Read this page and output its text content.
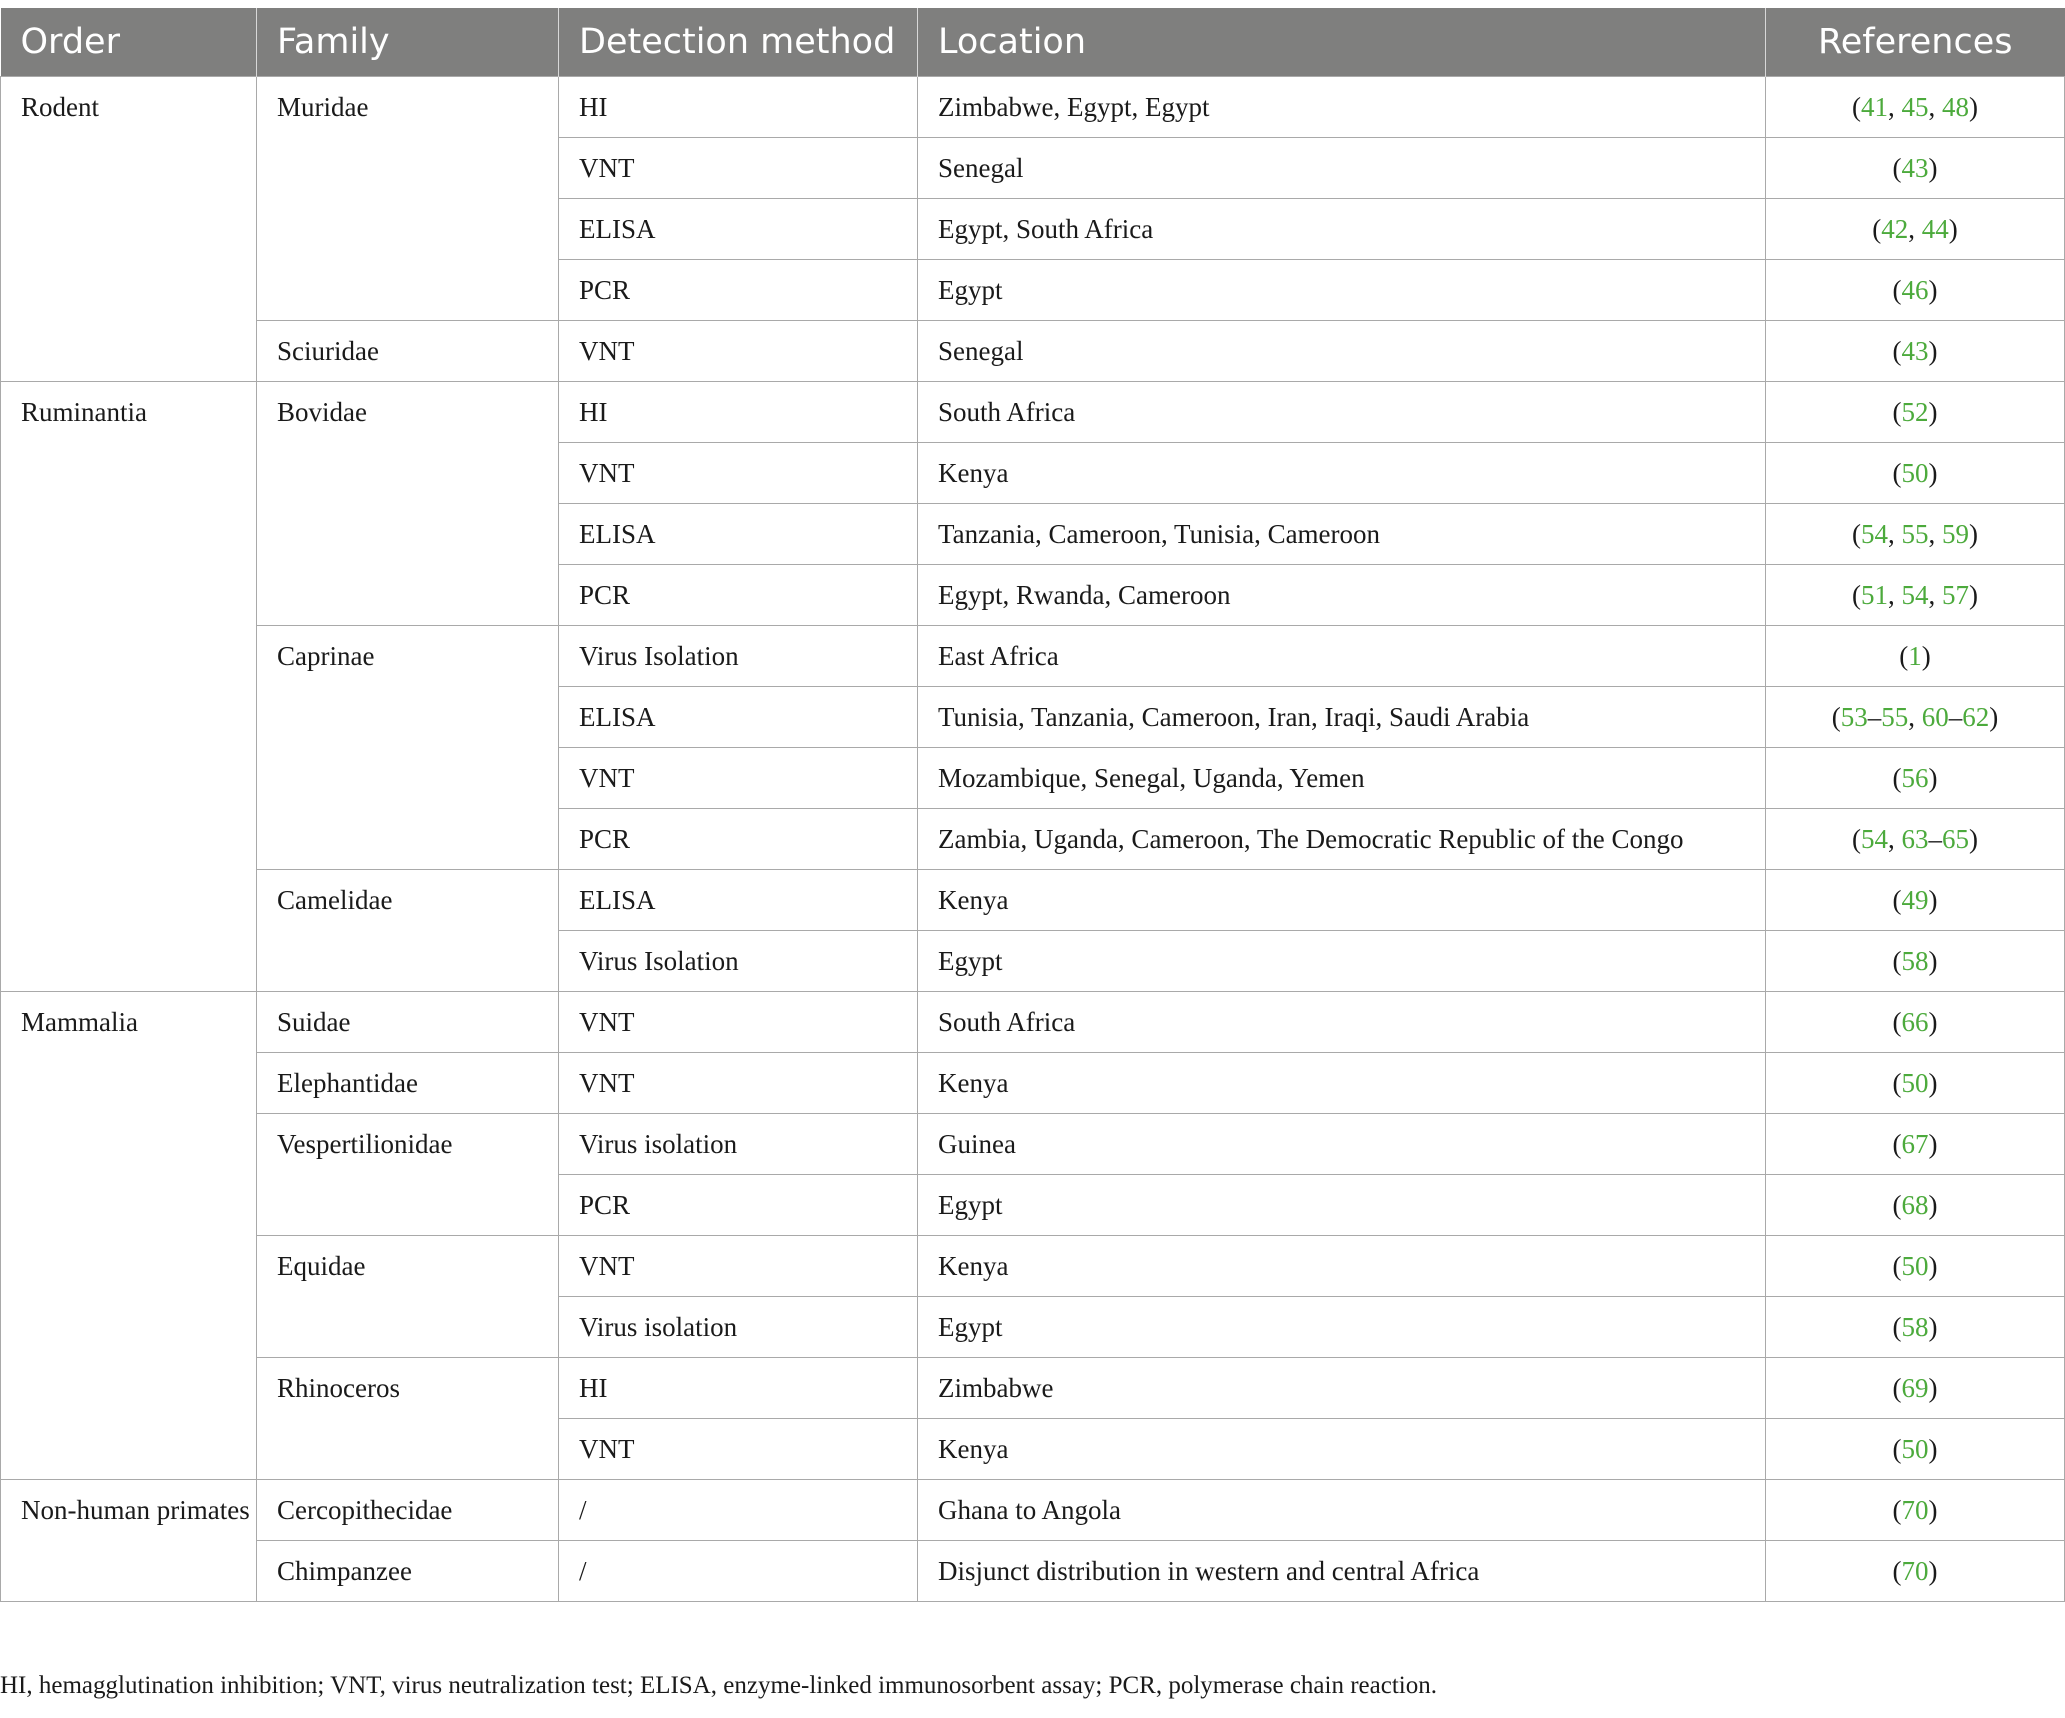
Order	Family	Detection method	Location	References
Rodent	Muridae	HI	Zimbabwe, Egypt, Egypt	(41, 45, 48)
		VNT	Senegal	(43)
		ELISA	Egypt, South Africa	(42, 44)
		PCR	Egypt	(46)
	Sciuridae	VNT	Senegal	(43)
Ruminantia	Bovidae	HI	South Africa	(52)
		VNT	Kenya	(50)
		ELISA	Tanzania, Cameroon, Tunisia, Cameroon	(54, 55, 59)
		PCR	Egypt, Rwanda, Cameroon	(51, 54, 57)
	Caprinae	Virus Isolation	East Africa	(1)
		ELISA	Tunisia, Tanzania, Cameroon, Iran, Iraqi, Saudi Arabia	(53–55, 60–62)
		VNT	Mozambique, Senegal, Uganda, Yemen	(56)
		PCR	Zambia, Uganda, Cameroon, The Democratic Republic of the Congo	(54, 63–65)
	Camelidae	ELISA	Kenya	(49)
		Virus Isolation	Egypt	(58)
Mammalia	Suidae	VNT	South Africa	(66)
	Elephantidae	VNT	Kenya	(50)
	Vespertilionidae	Virus isolation	Guinea	(67)
		PCR	Egypt	(68)
	Equidae	VNT	Kenya	(50)
		Virus isolation	Egypt	(58)
	Rhinoceros	HI	Zimbabwe	(69)
		VNT	Kenya	(50)
Non-human primates	Cercopithecidae	/	Ghana to Angola	(70)
	Chimpanzee	/	Disjunct distribution in western and central Africa	(70)
HI, hemagglutination inhibition; VNT, virus neutralization test; ELISA, enzyme-linked immunosorbent assay; PCR, polymerase chain reaction.
